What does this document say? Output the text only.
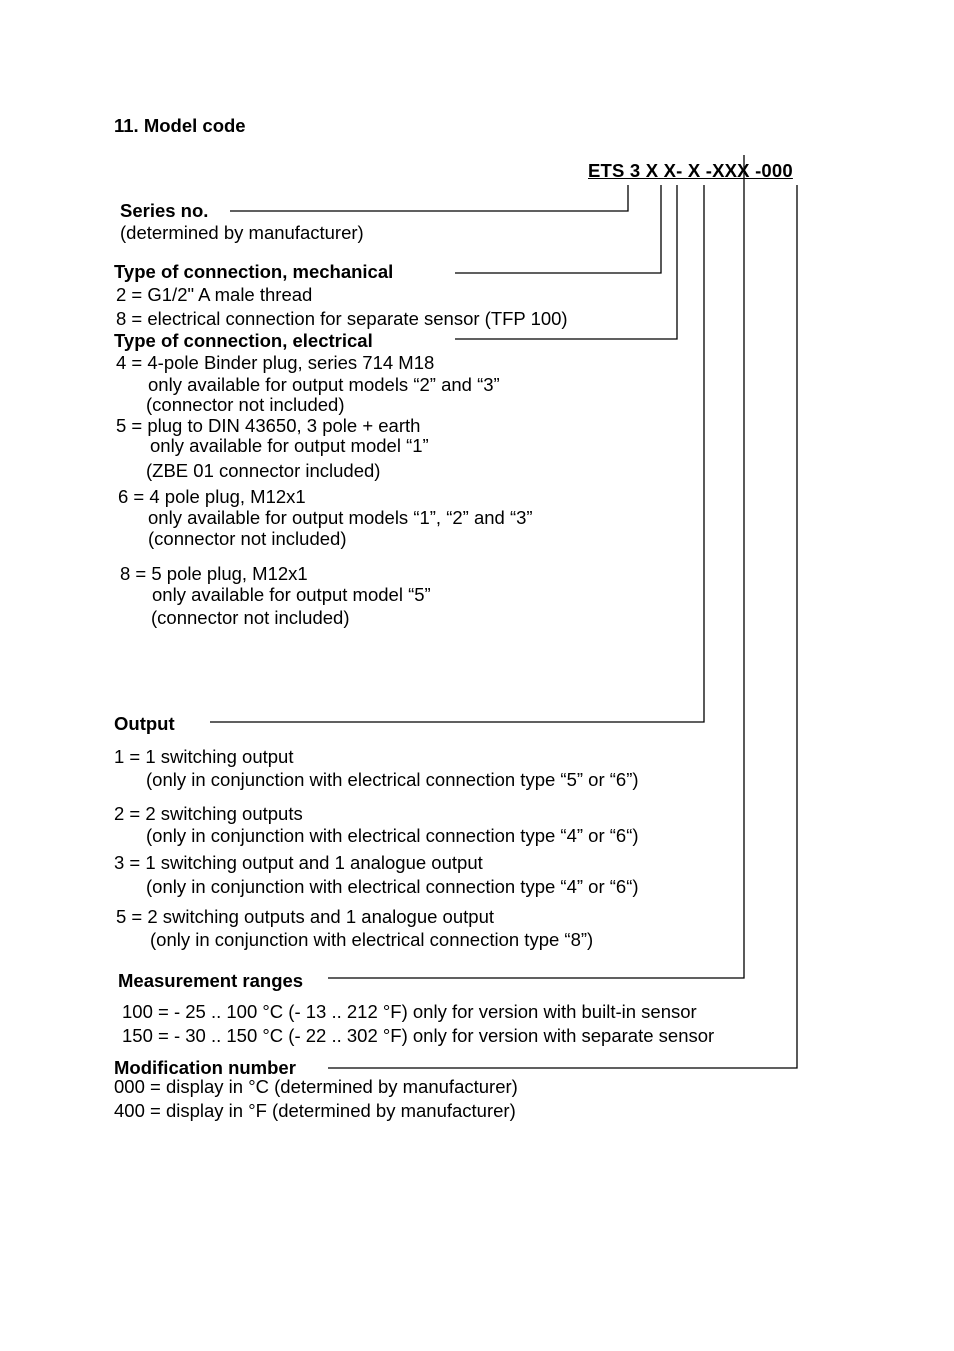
11. Model code
ETS 3 X X- X -XXX -000
Series no.
(determined by manufacturer)
Type of connection, mechanical
2 = G1/2" A male thread
8 = electrical connection for separate sensor (TFP 100)
Type of connection, electrical
4 = 4-pole Binder plug, series 714 M18
only available for output models “2” and “3”
(connector not included)
5 = plug to DIN 43650, 3 pole + earth
only available for output model “1”
(ZBE 01 connector included)
6 = 4 pole plug, M12x1
only available for output models “1”, “2” and “3”
(connector not included)
8 = 5 pole plug, M12x1
only available for output model “5”
(connector not included)
Output
1 = 1 switching output
(only in conjunction with electrical connection type “5” or “6”)
2 = 2 switching outputs
(only in conjunction with electrical connection type “4” or “6“)
3 = 1 switching output and 1 analogue output
(only in conjunction with electrical connection type “4” or “6“)
5 = 2 switching outputs and 1 analogue output
(only in conjunction with electrical connection type “8”)
Measurement ranges
100 = - 25 .. 100 °C (- 13 .. 212 °F) only for version with built-in sensor
150 = - 30 .. 150 °C (- 22 .. 302 °F) only for version with separate sensor
Modification number
000 = display in °C (determined by manufacturer)
400 = display in °F (determined by manufacturer)
